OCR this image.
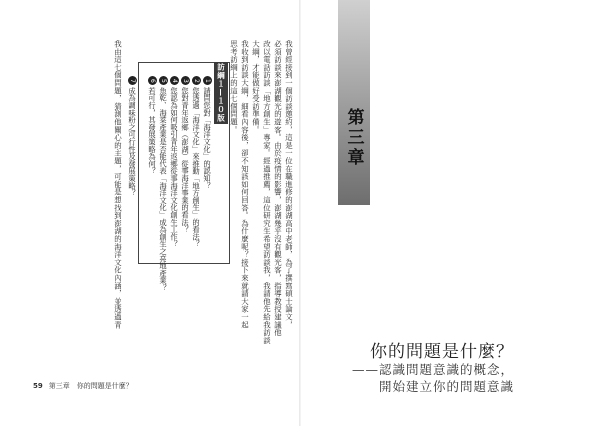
我曾經接到一個訪談邀約，這是一位在職進修的澎湖高中老師，為了撰寫碩士論文，
必須訪談來澎湖觀光的遊客。由於疫情的影響，澎湖幾乎沒有觀光客，指導教授建議他
改以電話訪談「地方創生」專家。經過推薦，這位研究生希望訪談我，我請他先給我訪談
大綱，才能做好受訪準備。
我收到訪談大綱，細看內容後，卻不知該如何回答。為什麼呢？接下來就請大家一起
思考訪綱上的這七個問題。
訪綱１—１０版
1請問您對「海洋文化」的認知？
2您透過「海洋文化」來推動「地方創生」的看法？
3您對青年返鄉（澎湖）從事海洋事業的看法？
4您認為如何吸引青年返鄉從事海洋文化創生工作？
5魚乾、海菜產業是否能代表「海洋文化」成為創生之亮地產業？
6若可行，其發展策略為何？
7成為調味粉之可行性及發展策略？
我由這七個問題，猜測他關心的主題，可能是想找到澎湖的海洋文化內涵，並透過青
59 第三章　你的問題是什麼？
第三章
你的問題是什麼？
——認識問題意識的概念，
開始建立你的問題意識
